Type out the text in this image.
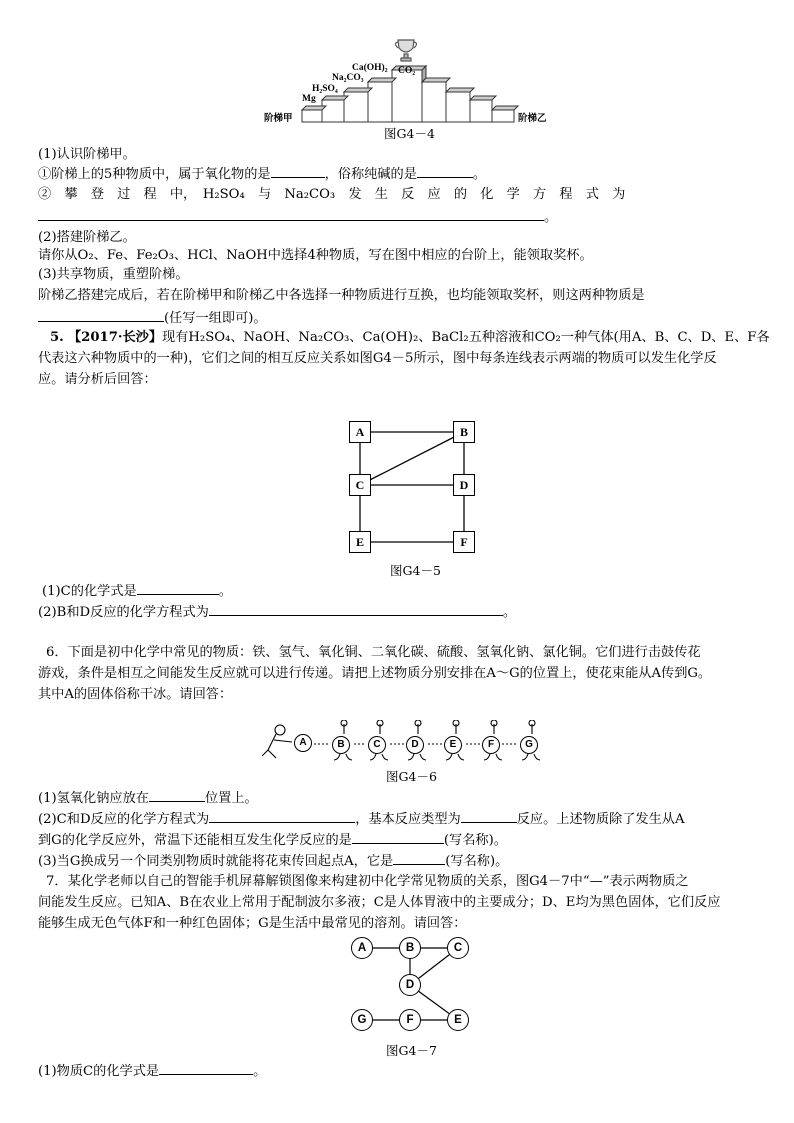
阶梯甲	阶梯乙
Mg
H₂SO₄
Na₂CO₃
Ca(OH)₂ CO₂
图G4－4
(1)认识阶梯甲。
①阶梯上的5种物质中，属于氧化物的是	，俗称纯碱的是	。
②　攀　登　过　程　中，　H₂SO₄　与　Na₂CO₃　发　生　反　应　的　化　学　方　程　式　为
。
(2)搭建阶梯乙。
请你从O₂、Fe、Fe₂O₃、HCl、NaOH中选择4种物质，写在图中相应的台阶上，能领取奖杯。
(3)共享物质，重塑阶梯。
阶梯乙搭建完成后，若在阶梯甲和阶梯乙中各选择一种物质进行互换，也均能领取奖杯，则这两种物质是
(任写一组即可)。
5. 【2017·长沙】现有H₂SO₄、NaOH、Na₂CO₃、Ca(OH)₂、BaCl₂五种溶液和CO₂一种气体(用A、B、C、D、E、F各
代表这六种物质中的一种)，它们之间的相互反应关系如图G4－5所示，图中每条连线表示两端的物质可以发生化学反
应。请分析后回答：
A	B
C	D
E	F
图G4－5
(1)C的化学式是	。
(2)B和D反应的化学方程式为	。
6．下面是初中化学中常见的物质：铁、氢气、氧化铜、二氧化碳、硫酸、氢氧化钠、氯化铜。它们进行击鼓传花
游戏，条件是相互之间能发生反应就可以进行传递。请把上述物质分别安排在A～G的位置上，使花束能从A传到G。
其中A的固体俗称干冰。请回答：
A	B	C	D	E	F	G
图G4－6
(1)氢氧化钠应放在	位置上。
(2)C和D反应的化学方程式为	，基本反应类型为	反应。上述物质除了发生从A
到G的化学反应外，常温下还能相互发生化学反应的是	(写名称)。
(3)当G换成另一个同类别物质时就能将花束传回起点A，它是	(写名称)。
7．某化学老师以自己的智能手机屏幕解锁图像来构建初中化学常见物质的关系，图G4－7中“—”表示两物质之
间能发生反应。已知A、B在农业上常用于配制波尔多液；C是人体胃液中的主要成分；D、E均为黑色固体，它们反应
能够生成无色气体F和一种红色固体；G是生活中最常见的溶剂。请回答：
A	B	C
D
G	F	E
图G4－7
(1)物质C的化学式是	。
